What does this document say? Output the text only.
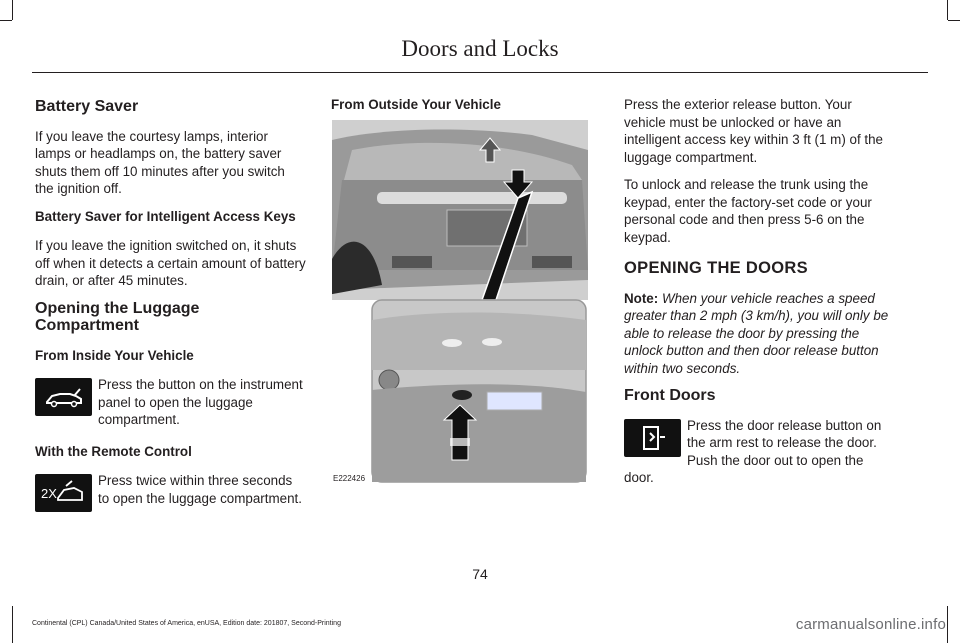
Doors and Locks
Battery Saver

If you leave the courtesy lamps, interior lamps or headlamps on, the battery saver shuts them off 10 minutes after you switch the ignition off.

Battery Saver for Intelligent Access Keys

If you leave the ignition switched on, it shuts off when it detects a certain amount of battery drain, or after 45 minutes.

Opening the Luggage Compartment
From Inside Your Vehicle

Press the button on the instrument panel to open the luggage compartment.

With the Remote Control
2X

Press twice within three seconds to open the luggage compartment.

From Outside Your Vehicle
E222426

Press the exterior release button. Your vehicle must be unlocked or have an intelligent access key within 3 ft (1 m) of the luggage compartment.

To unlock and release the trunk using the keypad, enter the factory-set code or your personal code and then press 5-6 on the keypad.

OPENING THE DOORS

Note: When your vehicle reaches a speed greater than 2 mph (3 km/h), you will only be able to release the door by pressing the unlock button and then door release button within two seconds.

Front Doors

Press the door release button on the arm rest to release the door. Push the door out to open the door.

74
Continental (CPL) Canada/United States of America, enUSA, Edition date: 201807, Second-Printing	carmanualsonline.info
